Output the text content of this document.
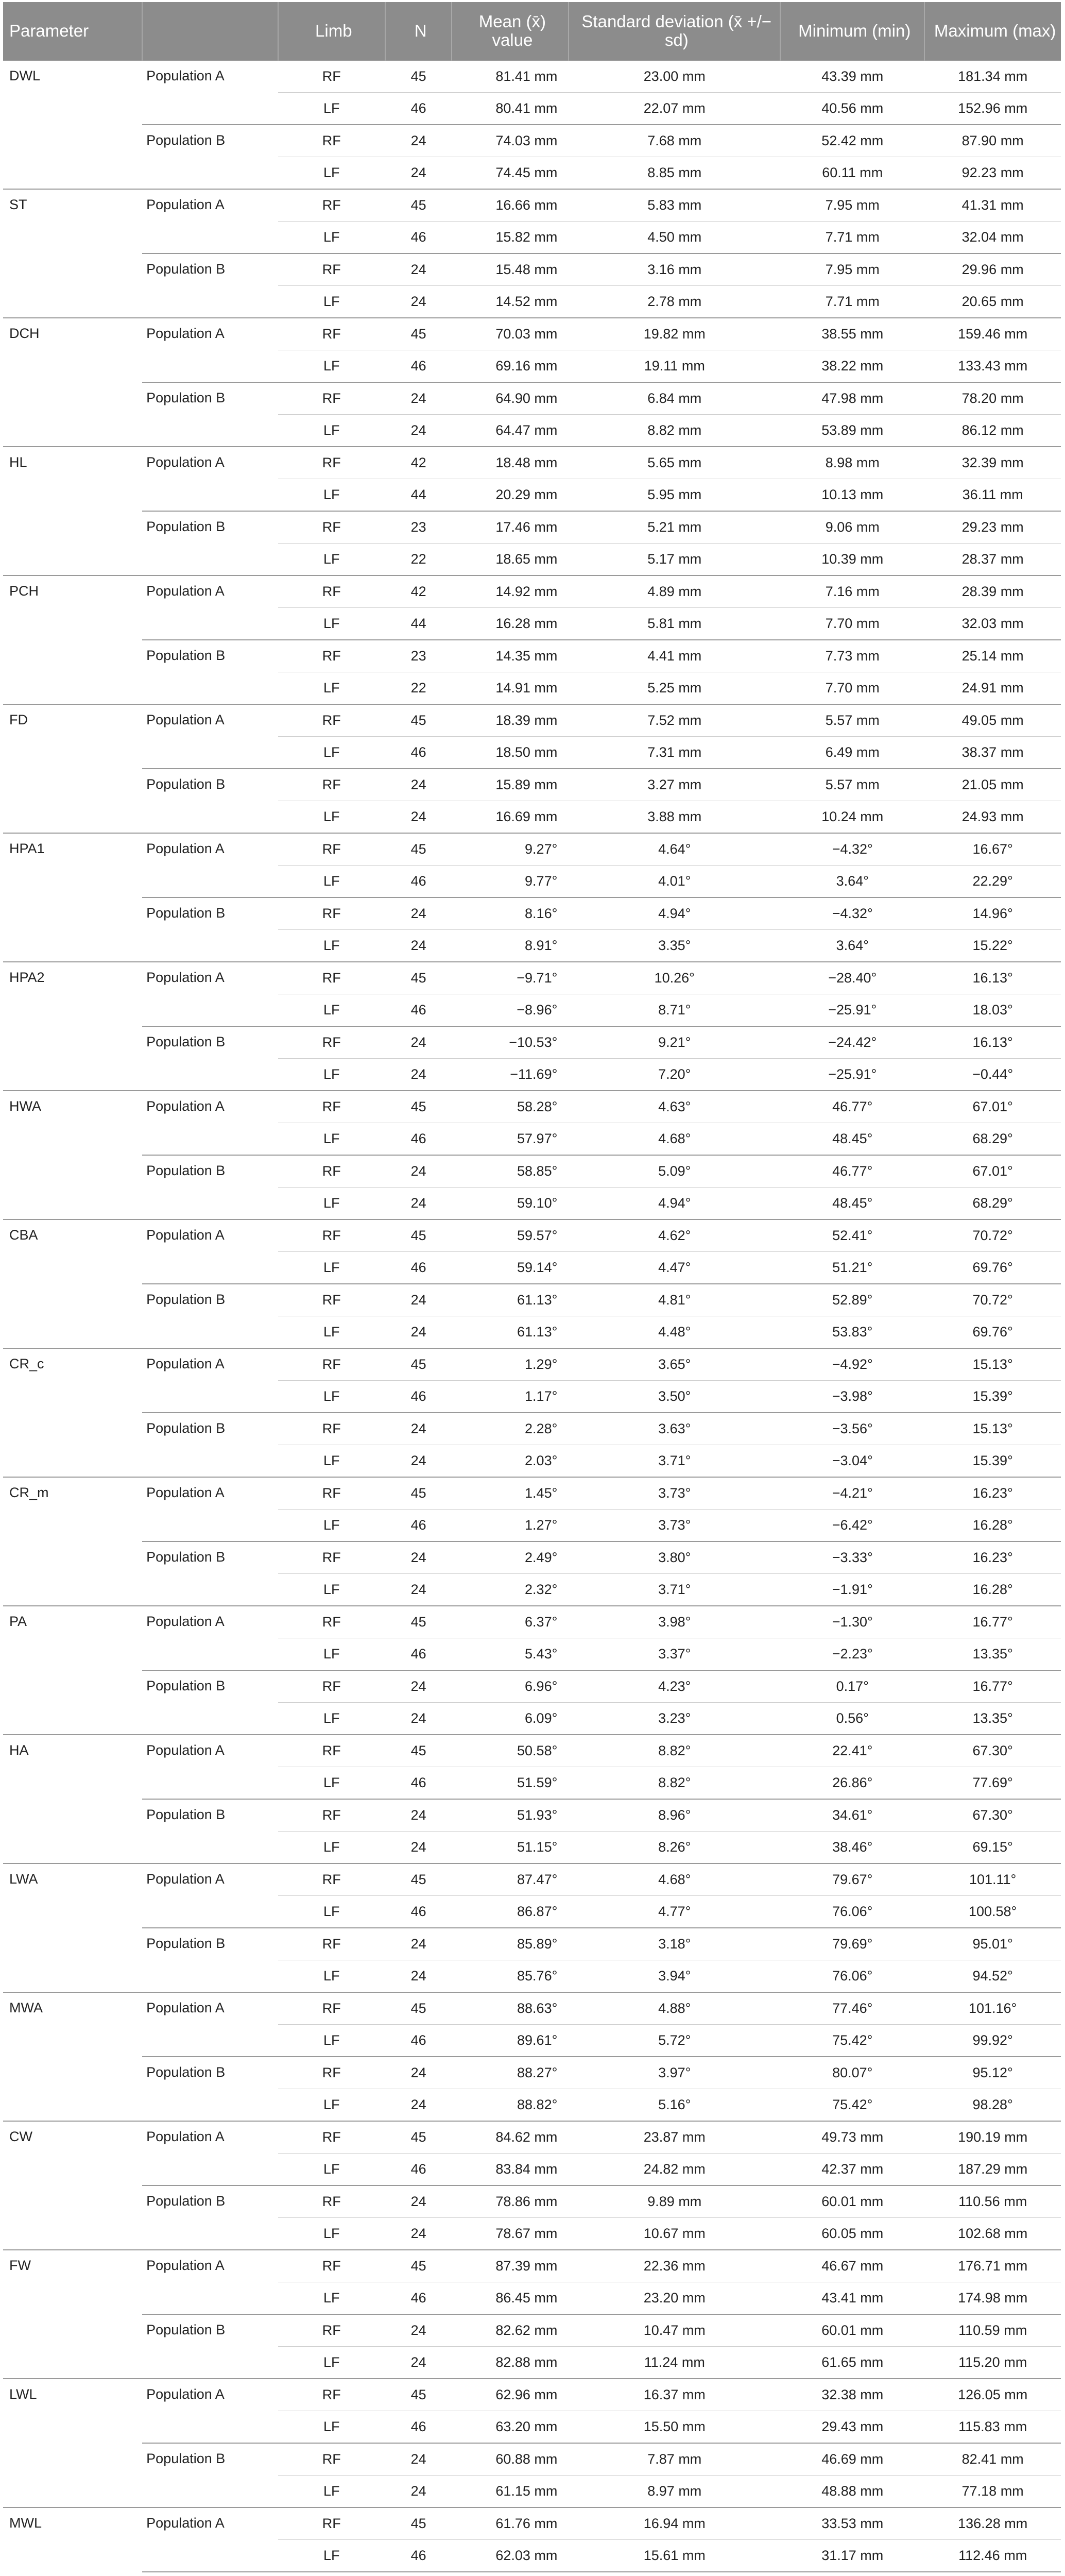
Parameter		Limb	N	Mean (x̄) value	Standard deviation (x̄ +/− sd)	Minimum (min)	Maximum (max)
DWL	Population A	RF	45	81.41 mm	23.00 mm	43.39 mm	181.34 mm
		LF	46	80.41 mm	22.07 mm	40.56 mm	152.96 mm
	Population B	RF	24	74.03 mm	7.68 mm	52.42 mm	87.90 mm
		LF	24	74.45 mm	8.85 mm	60.11 mm	92.23 mm
ST	Population A	RF	45	16.66 mm	5.83 mm	7.95 mm	41.31 mm
		LF	46	15.82 mm	4.50 mm	7.71 mm	32.04 mm
	Population B	RF	24	15.48 mm	3.16 mm	7.95 mm	29.96 mm
		LF	24	14.52 mm	2.78 mm	7.71 mm	20.65 mm
DCH	Population A	RF	45	70.03 mm	19.82 mm	38.55 mm	159.46 mm
		LF	46	69.16 mm	19.11 mm	38.22 mm	133.43 mm
	Population B	RF	24	64.90 mm	6.84 mm	47.98 mm	78.20 mm
		LF	24	64.47 mm	8.82 mm	53.89 mm	86.12 mm
HL	Population A	RF	42	18.48 mm	5.65 mm	8.98 mm	32.39 mm
		LF	44	20.29 mm	5.95 mm	10.13 mm	36.11 mm
	Population B	RF	23	17.46 mm	5.21 mm	9.06 mm	29.23 mm
		LF	22	18.65 mm	5.17 mm	10.39 mm	28.37 mm
PCH	Population A	RF	42	14.92 mm	4.89 mm	7.16 mm	28.39 mm
		LF	44	16.28 mm	5.81 mm	7.70 mm	32.03 mm
	Population B	RF	23	14.35 mm	4.41 mm	7.73 mm	25.14 mm
		LF	22	14.91 mm	5.25 mm	7.70 mm	24.91 mm
FD	Population A	RF	45	18.39 mm	7.52 mm	5.57 mm	49.05 mm
		LF	46	18.50 mm	7.31 mm	6.49 mm	38.37 mm
	Population B	RF	24	15.89 mm	3.27 mm	5.57 mm	21.05 mm
		LF	24	16.69 mm	3.88 mm	10.24 mm	24.93 mm
HPA1	Population A	RF	45	9.27°	4.64°	−4.32°	16.67°
		LF	46	9.77°	4.01°	3.64°	22.29°
	Population B	RF	24	8.16°	4.94°	−4.32°	14.96°
		LF	24	8.91°	3.35°	3.64°	15.22°
HPA2	Population A	RF	45	−9.71°	10.26°	−28.40°	16.13°
		LF	46	−8.96°	8.71°	−25.91°	18.03°
	Population B	RF	24	−10.53°	9.21°	−24.42°	16.13°
		LF	24	−11.69°	7.20°	−25.91°	−0.44°
HWA	Population A	RF	45	58.28°	4.63°	46.77°	67.01°
		LF	46	57.97°	4.68°	48.45°	68.29°
	Population B	RF	24	58.85°	5.09°	46.77°	67.01°
		LF	24	59.10°	4.94°	48.45°	68.29°
CBA	Population A	RF	45	59.57°	4.62°	52.41°	70.72°
		LF	46	59.14°	4.47°	51.21°	69.76°
	Population B	RF	24	61.13°	4.81°	52.89°	70.72°
		LF	24	61.13°	4.48°	53.83°	69.76°
CR_c	Population A	RF	45	1.29°	3.65°	−4.92°	15.13°
		LF	46	1.17°	3.50°	−3.98°	15.39°
	Population B	RF	24	2.28°	3.63°	−3.56°	15.13°
		LF	24	2.03°	3.71°	−3.04°	15.39°
CR_m	Population A	RF	45	1.45°	3.73°	−4.21°	16.23°
		LF	46	1.27°	3.73°	−6.42°	16.28°
	Population B	RF	24	2.49°	3.80°	−3.33°	16.23°
		LF	24	2.32°	3.71°	−1.91°	16.28°
PA	Population A	RF	45	6.37°	3.98°	−1.30°	16.77°
		LF	46	5.43°	3.37°	−2.23°	13.35°
	Population B	RF	24	6.96°	4.23°	0.17°	16.77°
		LF	24	6.09°	3.23°	0.56°	13.35°
HA	Population A	RF	45	50.58°	8.82°	22.41°	67.30°
		LF	46	51.59°	8.82°	26.86°	77.69°
	Population B	RF	24	51.93°	8.96°	34.61°	67.30°
		LF	24	51.15°	8.26°	38.46°	69.15°
LWA	Population A	RF	45	87.47°	4.68°	79.67°	101.11°
		LF	46	86.87°	4.77°	76.06°	100.58°
	Population B	RF	24	85.89°	3.18°	79.69°	95.01°
		LF	24	85.76°	3.94°	76.06°	94.52°
MWA	Population A	RF	45	88.63°	4.88°	77.46°	101.16°
		LF	46	89.61°	5.72°	75.42°	99.92°
	Population B	RF	24	88.27°	3.97°	80.07°	95.12°
		LF	24	88.82°	5.16°	75.42°	98.28°
CW	Population A	RF	45	84.62 mm	23.87 mm	49.73 mm	190.19 mm
		LF	46	83.84 mm	24.82 mm	42.37 mm	187.29 mm
	Population B	RF	24	78.86 mm	9.89 mm	60.01 mm	110.56 mm
		LF	24	78.67 mm	10.67 mm	60.05 mm	102.68 mm
FW	Population A	RF	45	87.39 mm	22.36 mm	46.67 mm	176.71 mm
		LF	46	86.45 mm	23.20 mm	43.41 mm	174.98 mm
	Population B	RF	24	82.62 mm	10.47 mm	60.01 mm	110.59 mm
		LF	24	82.88 mm	11.24 mm	61.65 mm	115.20 mm
LWL	Population A	RF	45	62.96 mm	16.37 mm	32.38 mm	126.05 mm
		LF	46	63.20 mm	15.50 mm	29.43 mm	115.83 mm
	Population B	RF	24	60.88 mm	7.87 mm	46.69 mm	82.41 mm
		LF	24	61.15 mm	8.97 mm	48.88 mm	77.18 mm
MWL	Population A	RF	45	61.76 mm	16.94 mm	33.53 mm	136.28 mm
		LF	46	62.03 mm	15.61 mm	31.17 mm	112.46 mm
